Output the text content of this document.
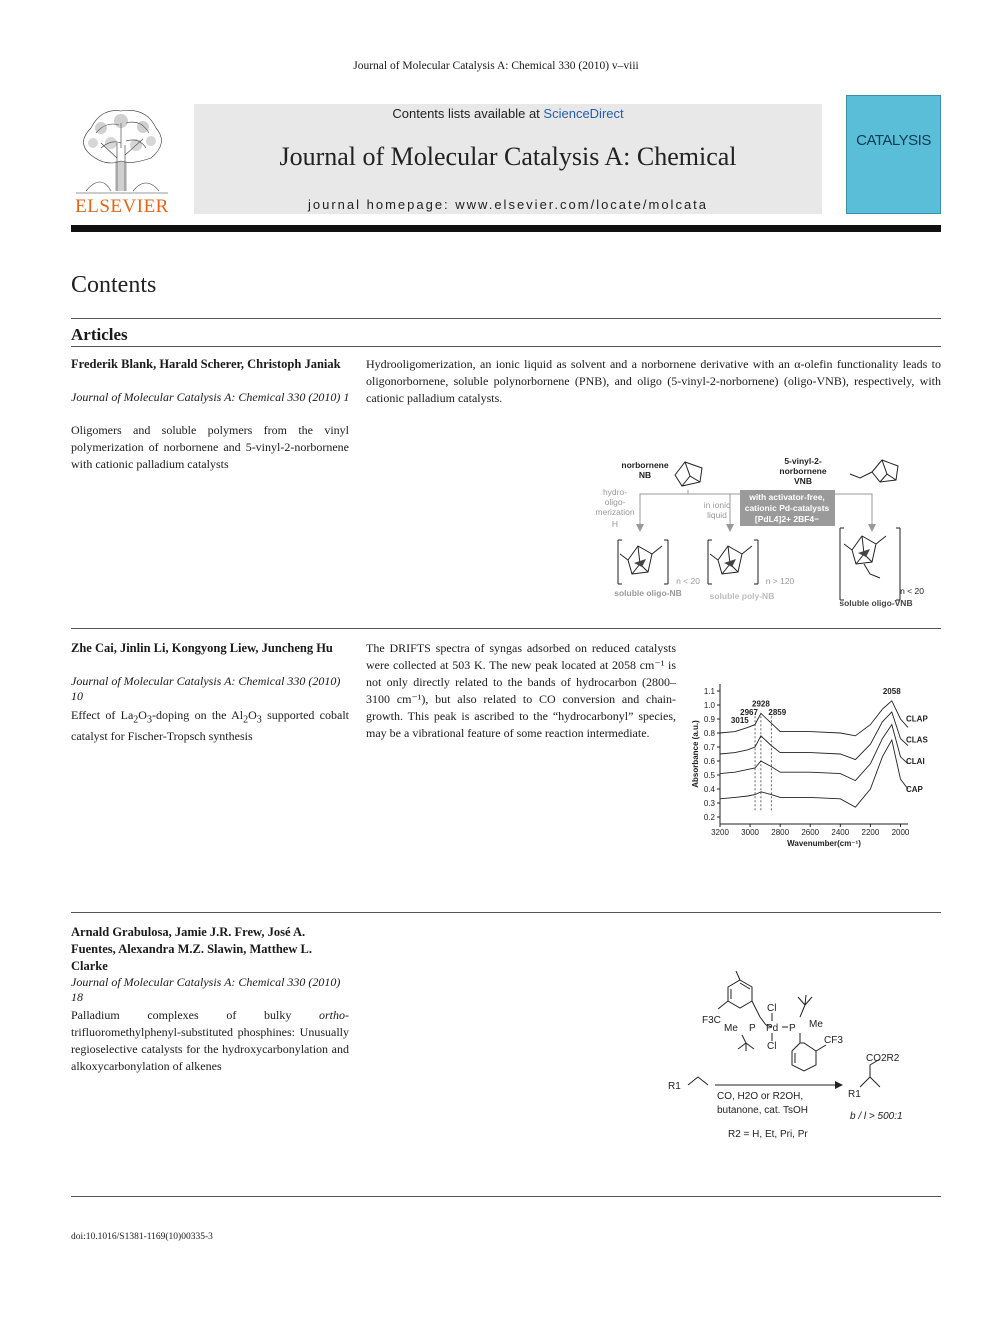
Journal of Molecular Catalysis A: Chemical 330 (2010) v–viii
ELSEVIER
Contents lists available at ScienceDirect
Journal of Molecular Catalysis A: Chemical
journal homepage: www.elsevier.com/locate/molcata
CATALYSIS
Contents
Articles
Frederik Blank, Harald Scherer, Christoph Janiak
Journal of Molecular Catalysis A: Chemical 330 (2010) 1
Oligomers and soluble polymers from the vinyl polymerization of norbornene and 5-vinyl-2-norbornene with cationic palladium catalysts
Hydrooligomerization, an ionic liquid as solvent and a norbornene derivative with an α-olefin functionality leads to oligonorbornene, soluble polynorbornene (PNB), and oligo (5-vinyl-2-norbornene) (oligo-VNB), respectively, with cationic palladium catalysts.
norbornene
NB
5-vinyl-2-
norbornene
VNB
hydro-
oligo-
merization
H
in ionic
liquid
with activator-free,
cationic Pd-catalysts
[PdL4]2+ 2BF4−
n < 20	n > 120
n < 20
soluble oligo-NB	soluble poly-NB
soluble oligo-VNB
Zhe Cai, Jinlin Li, Kongyong Liew, Juncheng Hu
Journal of Molecular Catalysis A: Chemical 330 (2010) 10
Effect of $La_2O_3$-doping on the $Al_2O_3$ supported cobalt catalyst for Fischer-Tropsch synthesis
The DRIFTS spectra of syngas adsorbed on reduced catalysts were collected at 503 K. The new peak located at 2058 cm⁻¹ is not only directly related to the bands of hydrocarbon (2800–3100 cm⁻¹), but also related to CO conversion and chain-growth. This peak is ascribed to the “hydrocarbonyl” species, may be a vibrational feature of some reaction intermediate.
3200 3000 2800 2600 2400 2200 2000
0.2
0.3
0.4
0.5
0.6
0.7
0.8
0.9
1.0
1.1
Wavenumber(cm⁻¹)
Absorbance (a.u.)
CLAP
CLAS
CLAI
CAP
2058
2928
2967 2859
3015
Arnald Grabulosa, Jamie J.R. Frew, José A. Fuentes, Alexandra M.Z. Slawin, Matthew L. Clarke
Journal of Molecular Catalysis A: Chemical 330 (2010) 18
Palladium complexes of bulky ortho-trifluoromethylphenyl-substituted phosphines: Unusually regioselective catalysts for the hydroxycarbonylation and alkoxycarbonylation of alkenes
F3C
Me P
Cl
Pd
Cl
P Me
CF3
R1
R1
CO2R2
CO, H2O or R2OH,
butanone, cat. TsOH
b / l > 500:1
R2 = H, Et, Pri, Pr
doi:10.1016/S1381-1169(10)00335-3
